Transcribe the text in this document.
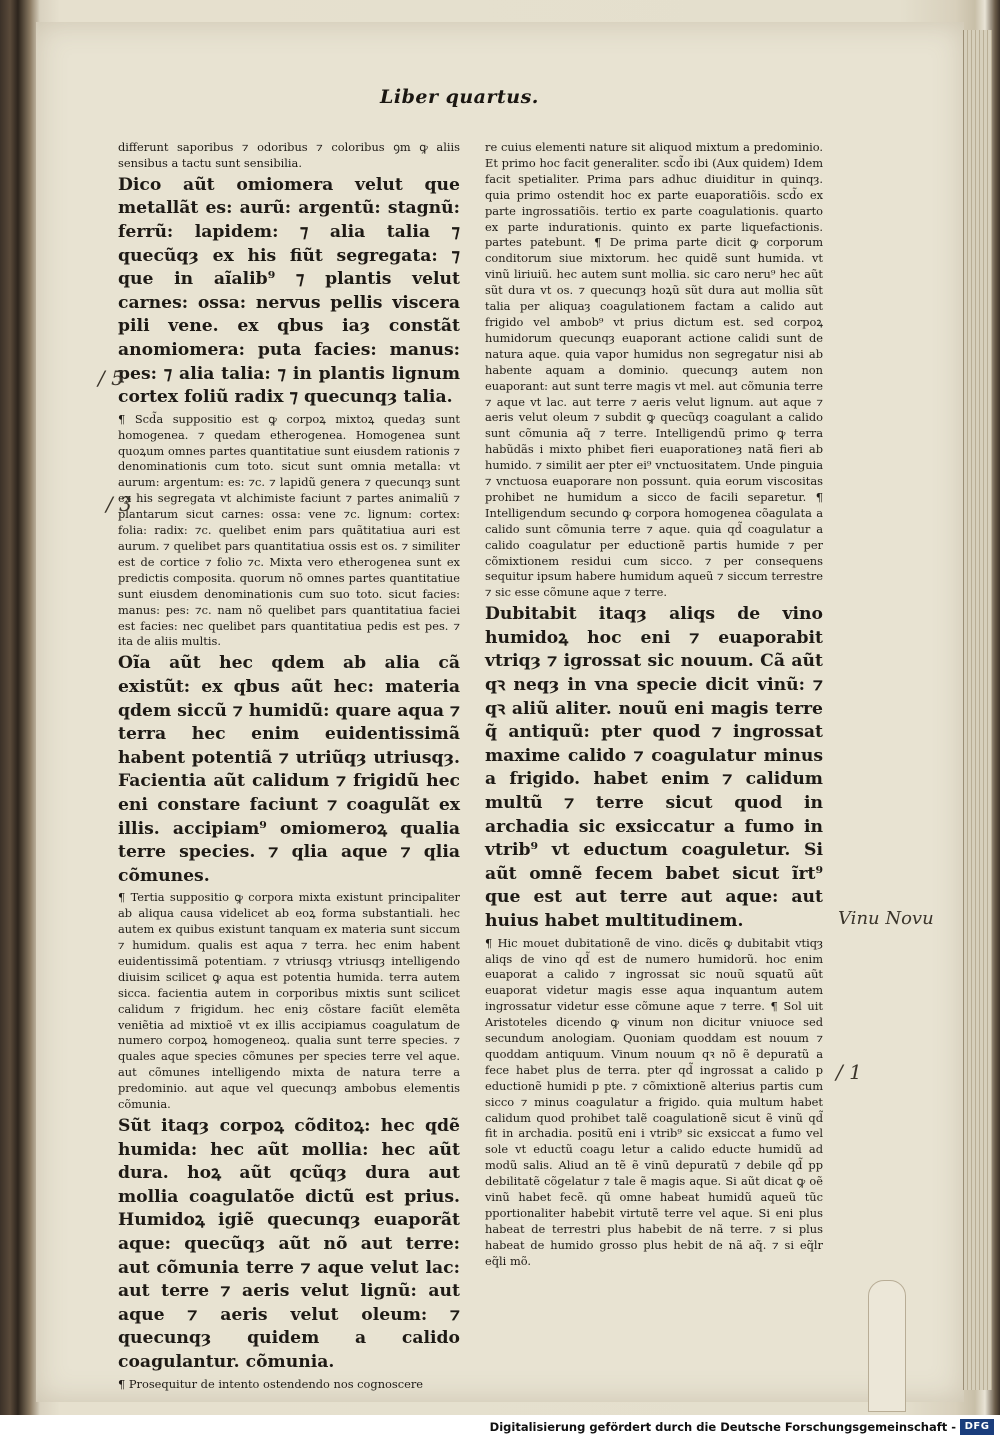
Liber quartus.

differunt saporibus ⁊ odoribus ⁊ coloribus ꝯm ꝙ aliis sensibus a tactu sunt sensibilia.

Dico aũt omiomera velut que metallãt es: aurũ: argentũ: stagnũ: ferrũ: lapidem: ⁊ alia talia ⁊ quecũqȝ ex his fiũt segregata: ⁊ que in aĩalib⁹ ⁊ plantis velut carnes: ossa: nervus pellis viscera pili vene. ex qbus iaȝ constãt anomiomera: puta facies: manus: pes: ⁊ alia talia: ⁊ in plantis lignum cortex foliũ radix ⁊ quecunqȝ talia.

¶ Scd̃a suppositio est ꝙ corpoꝝ mixtoꝝ quedaȝ sunt homogenea. ⁊ quedam etherogenea. Homogenea sunt quoꝝum omnes partes quantitatiue sunt eiusdem rationis ⁊ denominationis cum toto. sicut sunt omnia metalla: vt aurum: argentum: es: ⁊c. ⁊ lapidũ genera ⁊ quecunqȝ sunt ex his segregata vt alchimiste faciunt ⁊ partes animaliũ ⁊ plantarum sicut carnes: ossa: vene ⁊c. lignum: cortex: folia: radix: ⁊c. quelibet enim pars quãtitatiua auri est aurum. ⁊ quelibet pars quantitatiua ossis est os. ⁊ similiter est de cortice ⁊ folio ⁊c. Mixta vero etherogenea sunt ex predictis composita. quorum nõ omnes partes quantitatiue sunt eiusdem denominationis cum suo toto. sicut facies: manus: pes: ⁊c. nam nõ quelibet pars quantitatiua faciei est facies: nec quelibet pars quantitatiua pedis est pes. ⁊ ita de aliis multis.

Oĩa aũt hec qdem ab alia cã existũt: ex qbus aũt hec: materia qdem siccũ ⁊ humidũ: quare aqua ⁊ terra hec enim euidentissimã habent potentiã ⁊ utriũqȝ utriusqȝ. Facientia aũt calidum ⁊ frigidũ hec eni constare faciunt ⁊ coagulãt ex illis. accipiam⁹ omiomeroꝝ qualia terre species. ⁊ qlia aque ⁊ qlia cõmunes.

¶ Tertia suppositio ꝙ corpora mixta existunt principaliter ab aliqua causa videlicet ab eoꝝ forma substantiali. hec autem ex quibus existunt tanquam ex materia sunt siccum ⁊ humidum. qualis est aqua ⁊ terra. hec enim habent euidentissimã potentiam. ⁊ vtriusqȝ vtriusqȝ intelligendo diuisim scilicet ꝙ aqua est potentia humida. terra autem sicca. facientia autem in corporibus mixtis sunt scilicet calidum ⁊ frigidum. hec eniȝ cõstare faciũt elemẽta veniẽtia ad mixtioẽ vt ex illis accipiamus coagulatum de numero corpoꝝ homogeneoꝝ. qualia sunt terre species. ⁊ quales aque species cõmunes per species terre vel aque. aut cõmunes intelligendo mixta de natura terre a predominio. aut aque vel quecunqȝ ambobus elementis cõmunia.

Sũt itaqȝ corpoꝝ cõditoꝝ: hec qdẽ humida: hec aũt mollia: hec aũt dura. hoꝝ aũt qcũqȝ dura aut mollia coagulatõe dictũ est prius. Humidoꝝ igiẽ quecunqȝ euaporãt aque: quecũqȝ aũt nõ aut terre: aut cõmunia terre ⁊ aque velut lac: aut terre ⁊ aeris velut lignũ: aut aque ⁊ aeris velut oleum: ⁊ quecunqȝ quidem a calido coagulantur. cõmunia.

¶ Prosequitur de intento ostendendo nos cognoscere

re cuius elementi nature sit aliquod mixtum a predominio. Et primo hoc facit generaliter. scd̃o ibi (Aux quidem) Idem facit spetialiter. Prima pars adhuc diuiditur in quinqȝ. quia primo ostendit hoc ex parte euaporatiõis. scd̃o ex parte ingrossatiõis. tertio ex parte coagulationis. quarto ex parte indurationis. quinto ex parte liquefactionis. partes patebunt. ¶ De prima parte dicit ꝙ corporum conditorum siue mixtorum. hec quidẽ sunt humida. vt vinũ liriuiũ. hec autem sunt mollia. sic caro neru⁹ hec aũt sũt dura vt os. ⁊ quecunqȝ hoꝝũ sũt dura aut mollia sũt talia per aliquaȝ coagulationem factam a calido aut frigido vel ambob⁹ vt prius dictum est. sed corpoꝝ humidorum quecunqȝ euaporant actione calidi sunt de natura aque. quia vapor humidus non segregatur nisi ab habente aquam a dominio. quecunqȝ autem non euaporant: aut sunt terre magis vt mel. aut cõmunia terre ⁊ aque vt lac. aut terre ⁊ aeris velut lignum. aut aque ⁊ aeris velut oleum ⁊ subdit ꝙ quecũqȝ coagulant a calido sunt cõmunia aq̃ ⁊ terre. Intelligendũ primo ꝙ terra habũdãs i mixto phibet fieri euaporationeȝ natã fieri ab humido. ⁊ similit aer pter ei⁹ vnctuositatem. Unde pinguia ⁊ vnctuosa euaporare non possunt. quia eorum viscositas prohibet ne humidum a sicco de facili separetur. ¶ Intelligendum secundo ꝙ corpora homogenea cõagulata a calido sunt cõmunia terre ⁊ aque. quia qd̃ coagulatur a calido coagulatur per eductionẽ partis humide ⁊ per cõmixtionem residui cum sicco. ⁊ per consequens sequitur ipsum habere humidum aqueũ ⁊ siccum terrestre ⁊ sic esse cõmune aque ⁊ terre.

Dubitabit itaqȝ aliqs de vino humidoꝝ hoc eni ⁊ euaporabit vtriqȝ ⁊ igrossat sic nouum. Cã aũt qꝛ neqȝ in vna specie dicit vinũ: ⁊ qꝛ aliũ aliter. nouũ eni magis terre q̃ antiquũ: pter quod ⁊ ingrossat maxime calido ⁊ coagulatur minus a frigido. habet enim ⁊ calidum multũ ⁊ terre sicut quod in archadia sic exsiccatur a fumo in vtrib⁹ vt eductum coaguletur. Si aũt omnẽ fecem babet sicut ĩrt⁹ que est aut terre aut aque: aut huius habet multitudinem.

¶ Hic mouet dubitationẽ de vino. dicẽs ꝙ dubitabit vtiqȝ aliqs de vino qd̃ est de numero humidorũ. hoc enim euaporat a calido ⁊ ingrossat sic nouũ squatũ aũt euaporat videtur magis esse aqua inquantum autem ingrossatur videtur esse cõmune aque ⁊ terre. ¶ Sol uit Aristoteles dicendo ꝙ vinum non dicitur vniuoce sed secundum anologiam. Quoniam quoddam est nouum ⁊ quoddam antiquum. Vinum nouum qꝛ nõ ẽ depuratũ a fece habet plus de terra. pter qd̃ ingrossat a calido p eductionẽ humidi p pte. ⁊ cõmixtionẽ alterius partis cum sicco ⁊ minus coagulatur a frigido. quia multum habet calidum quod prohibet talẽ coagulationẽ sicut ẽ vinũ qd̃ fit in archadia. positũ eni i vtrib⁹ sic exsiccat a fumo vel sole vt eductũ coagu letur a calido educte humidũ ad modũ salis. Aliud an tẽ ẽ vinũ depuratũ ⁊ debile qd̃ pp debilitatẽ cõgelatur ⁊ tale ẽ magis aque. Si aũt dicat ꝙ oẽ vinũ habet fecẽ. qũ omne habeat humidũ aqueũ tũc pportionaliter habebit virtutẽ terre vel aque. Si eni plus habeat de terrestri plus habebit de nã terre. ⁊ si plus habeat de humido grosso plus hebit de nã aq̃. ⁊ si eq̃lr eq̃li mõ.

/ 5
/ 3
Vinu Novu
/ 1
Digitalisierung gefördert durch die Deutsche Forschungsgemeinschaft - DFG
